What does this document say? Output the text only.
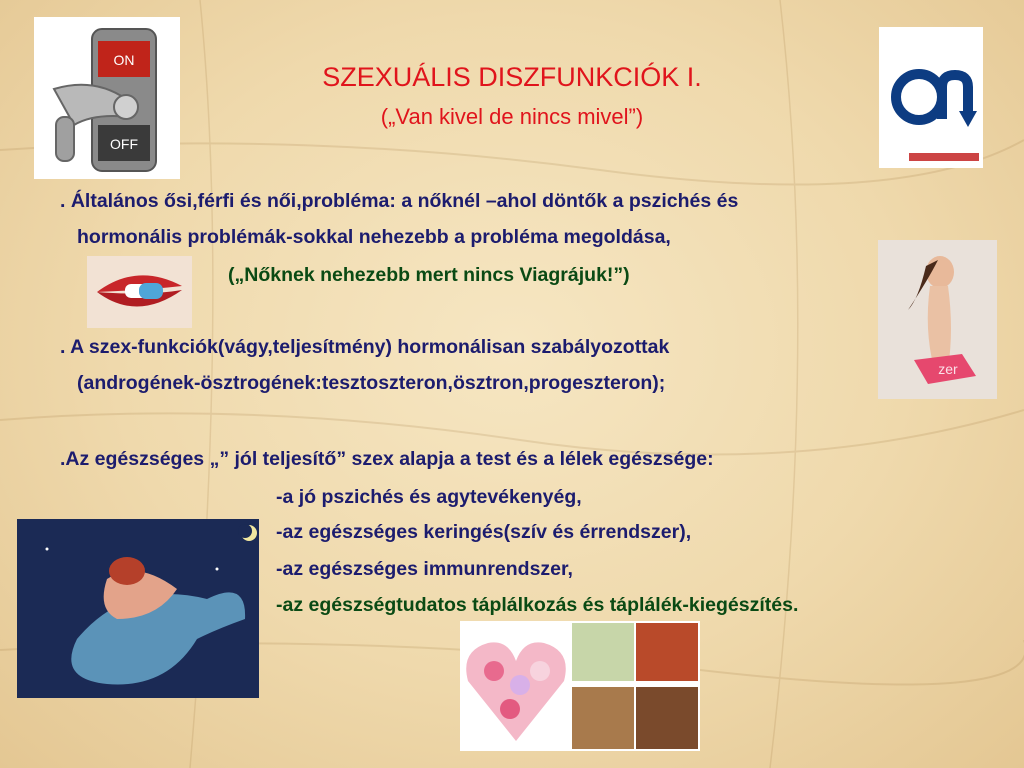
ON
OFF
zer
SZEXUÁLIS DISZFUNKCIÓK I.
(„Van kivel de nincs mivel”)
. Általános ősi,férfi és női,probléma: a nőknél –ahol döntők a pszichés és
hormonális problémák-sokkal nehezebb a probléma megoldása,
(„Nőknek nehezebb mert nincs Viagrájuk!”)
. A szex-funkciók(vágy,teljesítmény) hormonálisan szabályozottak
(androgének-ösztrogének:tesztoszteron,ösztron,progeszteron);
.Az egészséges „” jól teljesítő” szex alapja a test és a lélek egészsége:
-a jó pszichés és agytevékenyég,
-az egészséges keringés(szív és érrendszer),
-az egészséges immunrendszer,
-az egészségtudatos táplálkozás és táplálék-kiegészítés.
